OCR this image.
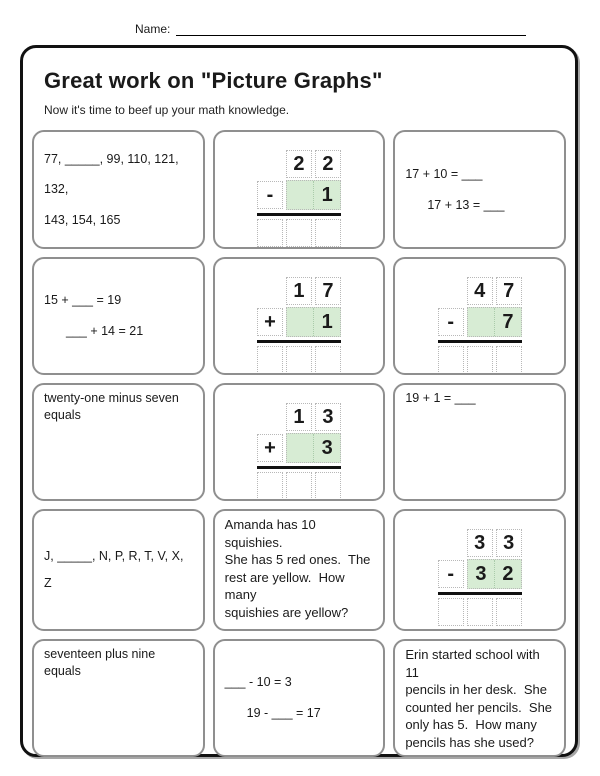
Name:
Great work on "Picture Graphs"
Now it's time to beef up your math knowledge.
77, _____, 99, 110, 121, 132,
143, 154, 165
2 2
-	1
17 + 10 = ___
17 + 13 = ___
15 + ___ = 19
___ + 14 = 21
1 7
+	1
4 7
-	7
twenty-one minus seven
equals	1 3
+	3
19 + 1 = ___
J, _____, N, P, R, T, V, X,
Z
Amanda has 10 squishies.
She has 5 red ones.  The
rest are yellow.  How many
squishies are yellow?
3 3
-	3 2
seventeen plus nine equals
___ - 10 = 3
19 - ___ = 17
Erin started school with 11
pencils in her desk.  She
counted her pencils.  She
only has 5.  How many
pencils has she used?
